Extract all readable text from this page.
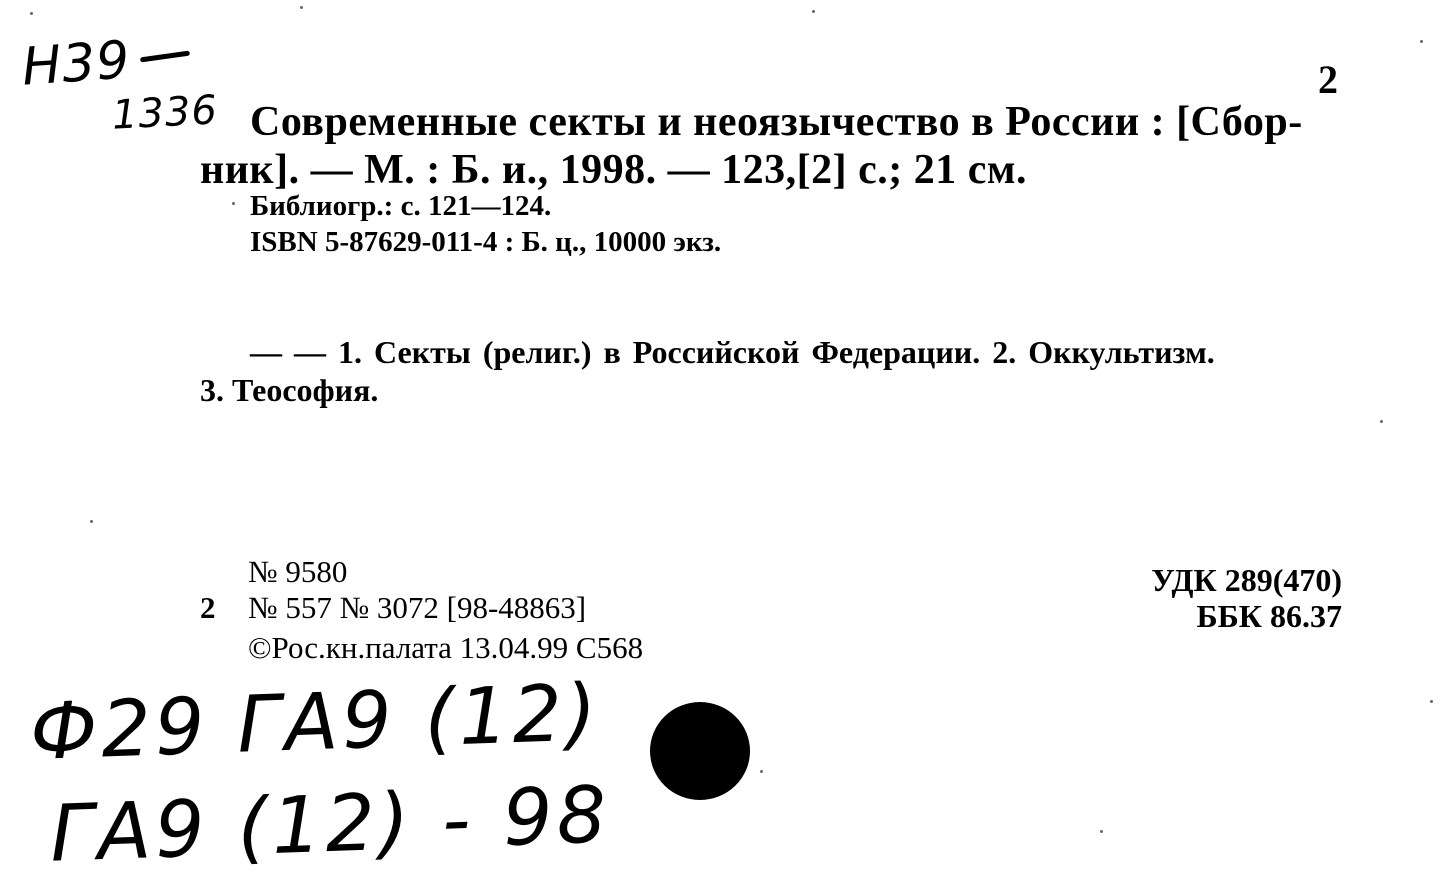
Н39
1336
2
Современные секты и неоязычество в России : [Сбор-
ник]. — М. : Б. и., 1998. — 123,[2] с.; 21 см.
Библиогр.: с. 121—124.
ISBN 5-87629-011-4 : Б. ц., 10000 экз.
— — 1. Секты (религ.) в Российской Федерации. 2. Оккультизм.
3. Теософия.
№ 9580
2 № 557 № 3072 [98-48863]
©Рос.кн.палата 13.04.99 С568
УДК 289(470)
ББК 86.37
Ф29 ГА9 (12)
ГА9 (12) - 98
